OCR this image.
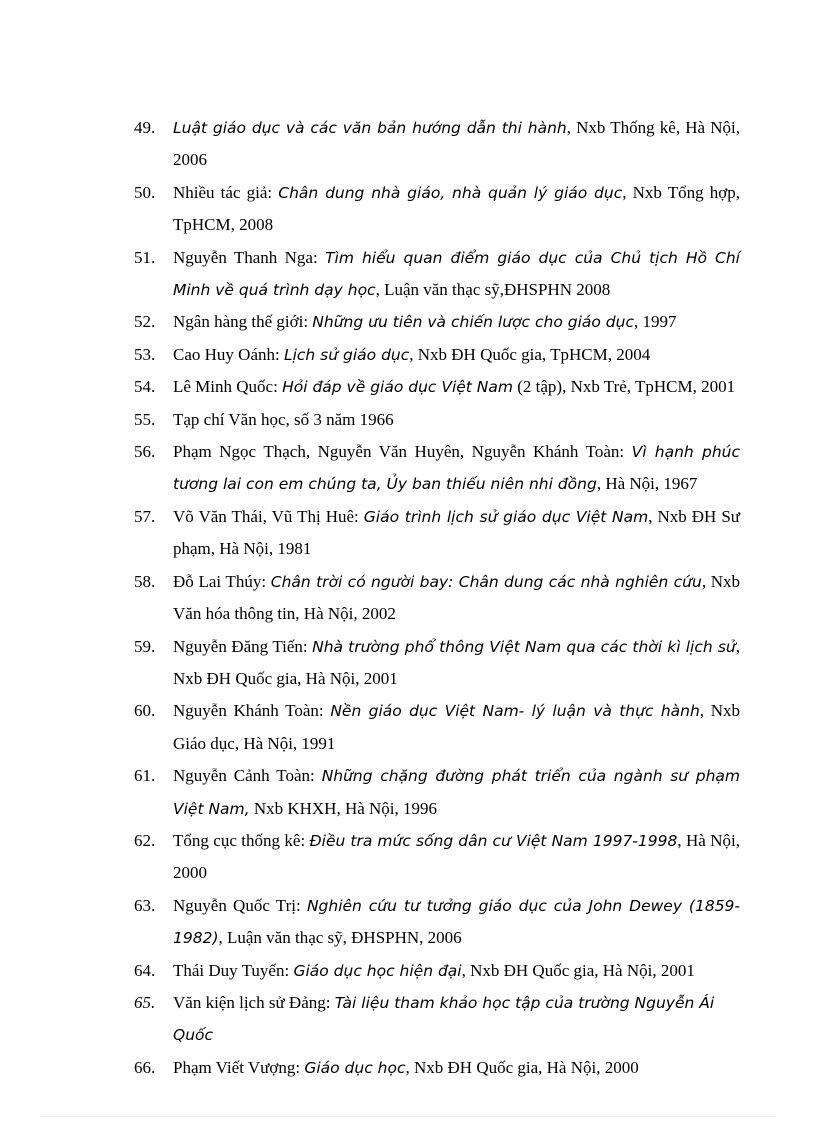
49.	Luật giáo dục và các văn bản hướng dẫn thi hành, Nxb Thống kê, Hà Nội, 2006
50.	Nhiều tác giả: Chân dung nhà giáo, nhà quản lý giáo dục, Nxb Tổng hợp, TpHCM, 2008
51.	Nguyễn Thanh Nga: Tìm hiểu quan điểm giáo dục của Chủ tịch Hồ Chí Minh về quá trình dạy học, Luận văn thạc sỹ,ĐHSPHN 2008
52.	Ngân hàng thế giới: Những ưu tiên và chiến lược cho giáo dục, 1997
53.	Cao Huy Oánh: Lịch sử giáo dục, Nxb ĐH Quốc gia, TpHCM, 2004
54.	Lê Minh Quốc: Hỏi đáp về giáo dục Việt Nam (2 tập), Nxb Trẻ, TpHCM, 2001
55.	Tạp chí Văn học, số 3 năm 1966
56.	Phạm Ngọc Thạch, Nguyễn Văn Huyên, Nguyễn Khánh Toàn: Vì hạnh phúc tương lai con em chúng ta, Ủy ban thiếu niên nhi đồng, Hà Nội, 1967
57.	Võ Văn Thái, Vũ Thị Huê: Giáo trình lịch sử giáo dục Việt Nam, Nxb ĐH Sư phạm, Hà Nội, 1981
58.	Đỗ Lai Thúy: Chân trời có người bay: Chân dung các nhà nghiên cứu, Nxb Văn hóa thông tin, Hà Nội, 2002
59.	Nguyễn Đăng Tiến: Nhà trường phổ thông Việt Nam qua các thời kì lịch sử, Nxb ĐH Quốc gia, Hà Nội, 2001
60.	Nguyễn Khánh Toàn: Nền giáo dục Việt Nam- lý luận và thực hành, Nxb Giáo dục, Hà Nội, 1991
61.	Nguyễn Cảnh Toàn: Những chặng đường phát triển của ngành sư phạm Việt Nam, Nxb KHXH, Hà Nội, 1996
62.	Tổng cục thống kê: Điều tra mức sống dân cư Việt Nam 1997-1998, Hà Nội, 2000
63.	Nguyễn Quốc Trị: Nghiên cứu tư tưởng giáo dục của John Dewey (1859-1982), Luận văn thạc sỹ, ĐHSPHN, 2006
64.	Thái Duy Tuyến: Giáo dục học hiện đại, Nxb ĐH Quốc gia, Hà Nội, 2001
65.	Văn kiện lịch sử Đảng: Tài liệu tham khảo học tập của trường Nguyễn Ái Quốc
66.	Phạm Viết Vượng: Giáo dục học, Nxb ĐH Quốc gia, Hà Nội, 2000
